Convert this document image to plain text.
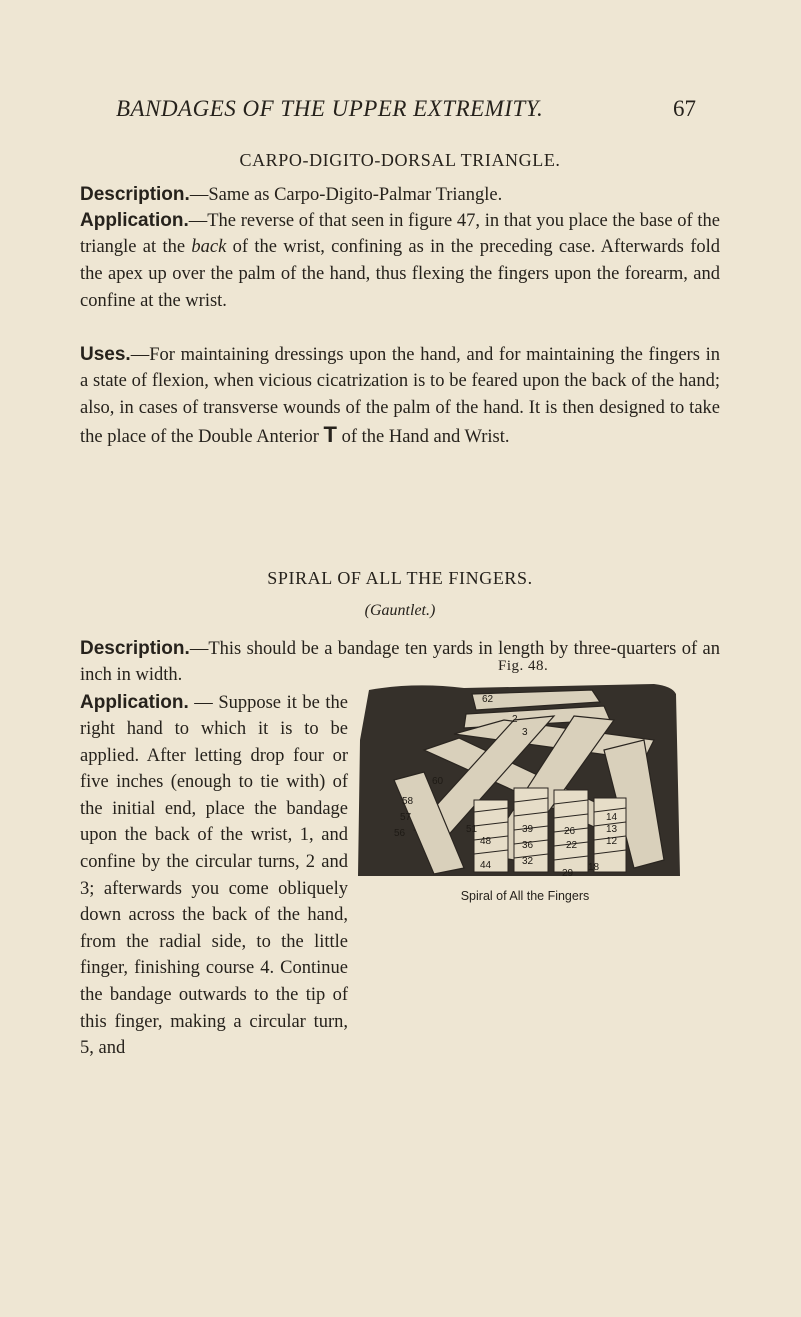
BANDAGES OF THE UPPER EXTREMITY.	67
CARPO-DIGITO-DORSAL TRIANGLE.

Description.—Same as Carpo-Digito-Palmar Triangle.

Application.—The reverse of that seen in figure 47, in that you place the base of the triangle at the back of the wrist, confining as in the preceding case. Afterwards fold the apex up over the palm of the hand, thus flexing the fingers upon the forearm, and confine at the wrist.

Uses.—For maintaining dressings upon the hand, and for maintaining the fingers in a state of flexion, when vicious cicatrization is to be feared upon the back of the hand; also, in cases of transverse wounds of the palm of the hand. It is then designed to take the place of the Double Anterior T of the Hand and Wrist.

SPIRAL OF ALL THE FINGERS.
(Gauntlet.)

Description.—This should be a bandage ten yards in length by three-quarters of an inch in width.

Application. — Suppose it be the right hand to which it is to be applied. After letting drop four or five inches (enough to tie with) of the initial end, place the bandage upon the back of the wrist, 1, and confine by the circular turns, 2 and 3; afterwards you come obliquely down across the back of the hand, from the radial side, to the little finger, finishing course 4. Continue the bandage outwards to the tip of this finger, making a circular turn, 5, and

Fig. 48.
62
2
3
60
58
57
56	51
48
44
39
36
32
29
26
22
18
14
13
12
Spiral of All the Fingers
